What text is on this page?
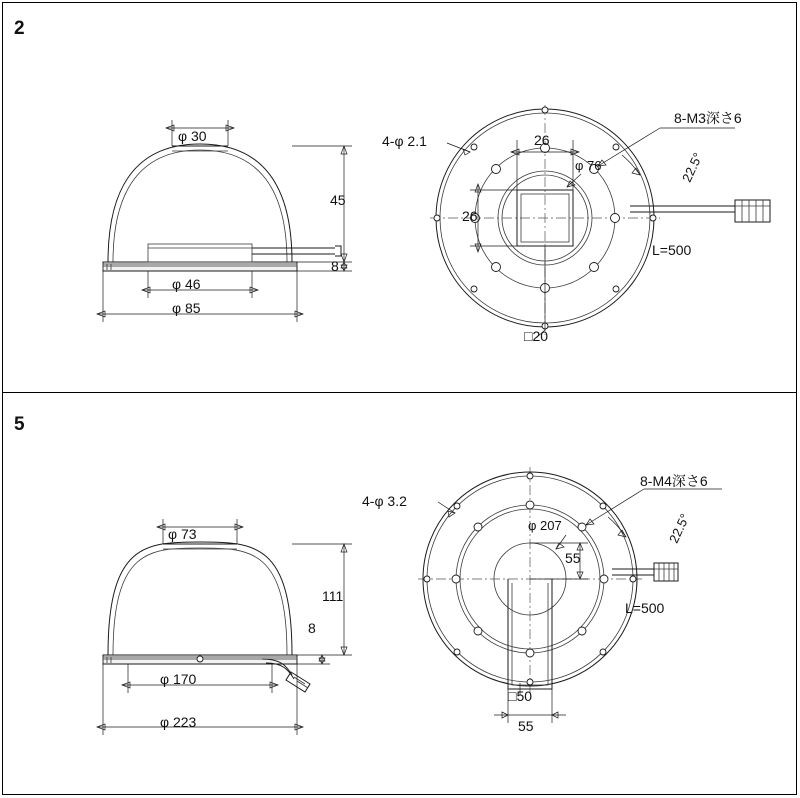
2
φ 30
45
8
φ 46
φ 85
4-φ 2.1
8-M3深さ6
φ 76
26
26
22.5°
□20
L=500
5
φ 73
111
8
φ 170
φ 223
4-φ 3.2
8-M4深さ6
φ 207
55
22.5°
□50
55
L=500
